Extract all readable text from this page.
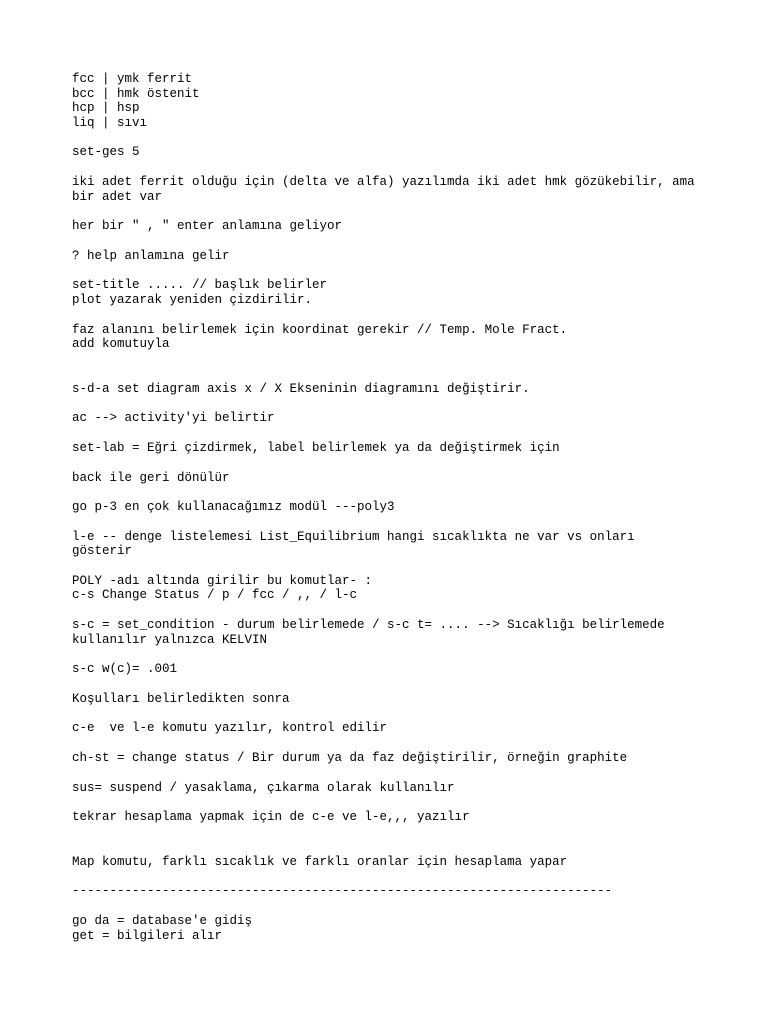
fcc | ymk ferrit
bcc | hmk östenit
hcp | hsp
liq | sıvı
set-ges 5
iki adet ferrit olduğu için (delta ve alfa) yazılımda iki adet hmk gözükebilir, ama
bir adet var
her bir " , " enter anlamına geliyor
? help anlamına gelir
set-title ..... // başlık belirler
plot yazarak yeniden çizdirilir.
faz alanını belirlemek için koordinat gerekir // Temp. Mole Fract.
add komutuyla
s-d-a set diagram axis x / X Ekseninin diagramını değiştirir.
ac --> activity'yi belirtir
set-lab = Eğri çizdirmek, label belirlemek ya da değiştirmek için
back ile geri dönülür
go p-3 en çok kullanacağımız modül ---poly3
l-e -- denge listelemesi List_Equilibrium hangi sıcaklıkta ne var vs onları
gösterir
POLY -adı altında girilir bu komutlar- :
c-s Change Status / p / fcc / ,, / l-c
s-c = set_condition - durum belirlemede / s-c t= .... --> Sıcaklığı belirlemede
kullanılır yalnızca KELVIN
s-c w(c)= .001
Koşulları belirledikten sonra
c-e  ve l-e komutu yazılır, kontrol edilir
ch-st = change status / Bir durum ya da faz değiştirilir, örneğin graphite
sus= suspend / yasaklama, çıkarma olarak kullanılır
tekrar hesaplama yapmak için de c-e ve l-e,,, yazılır
Map komutu, farklı sıcaklık ve farklı oranlar için hesaplama yapar
------------------------------------------------------------------------
go da = database'e gidiş
get = bilgileri alır
